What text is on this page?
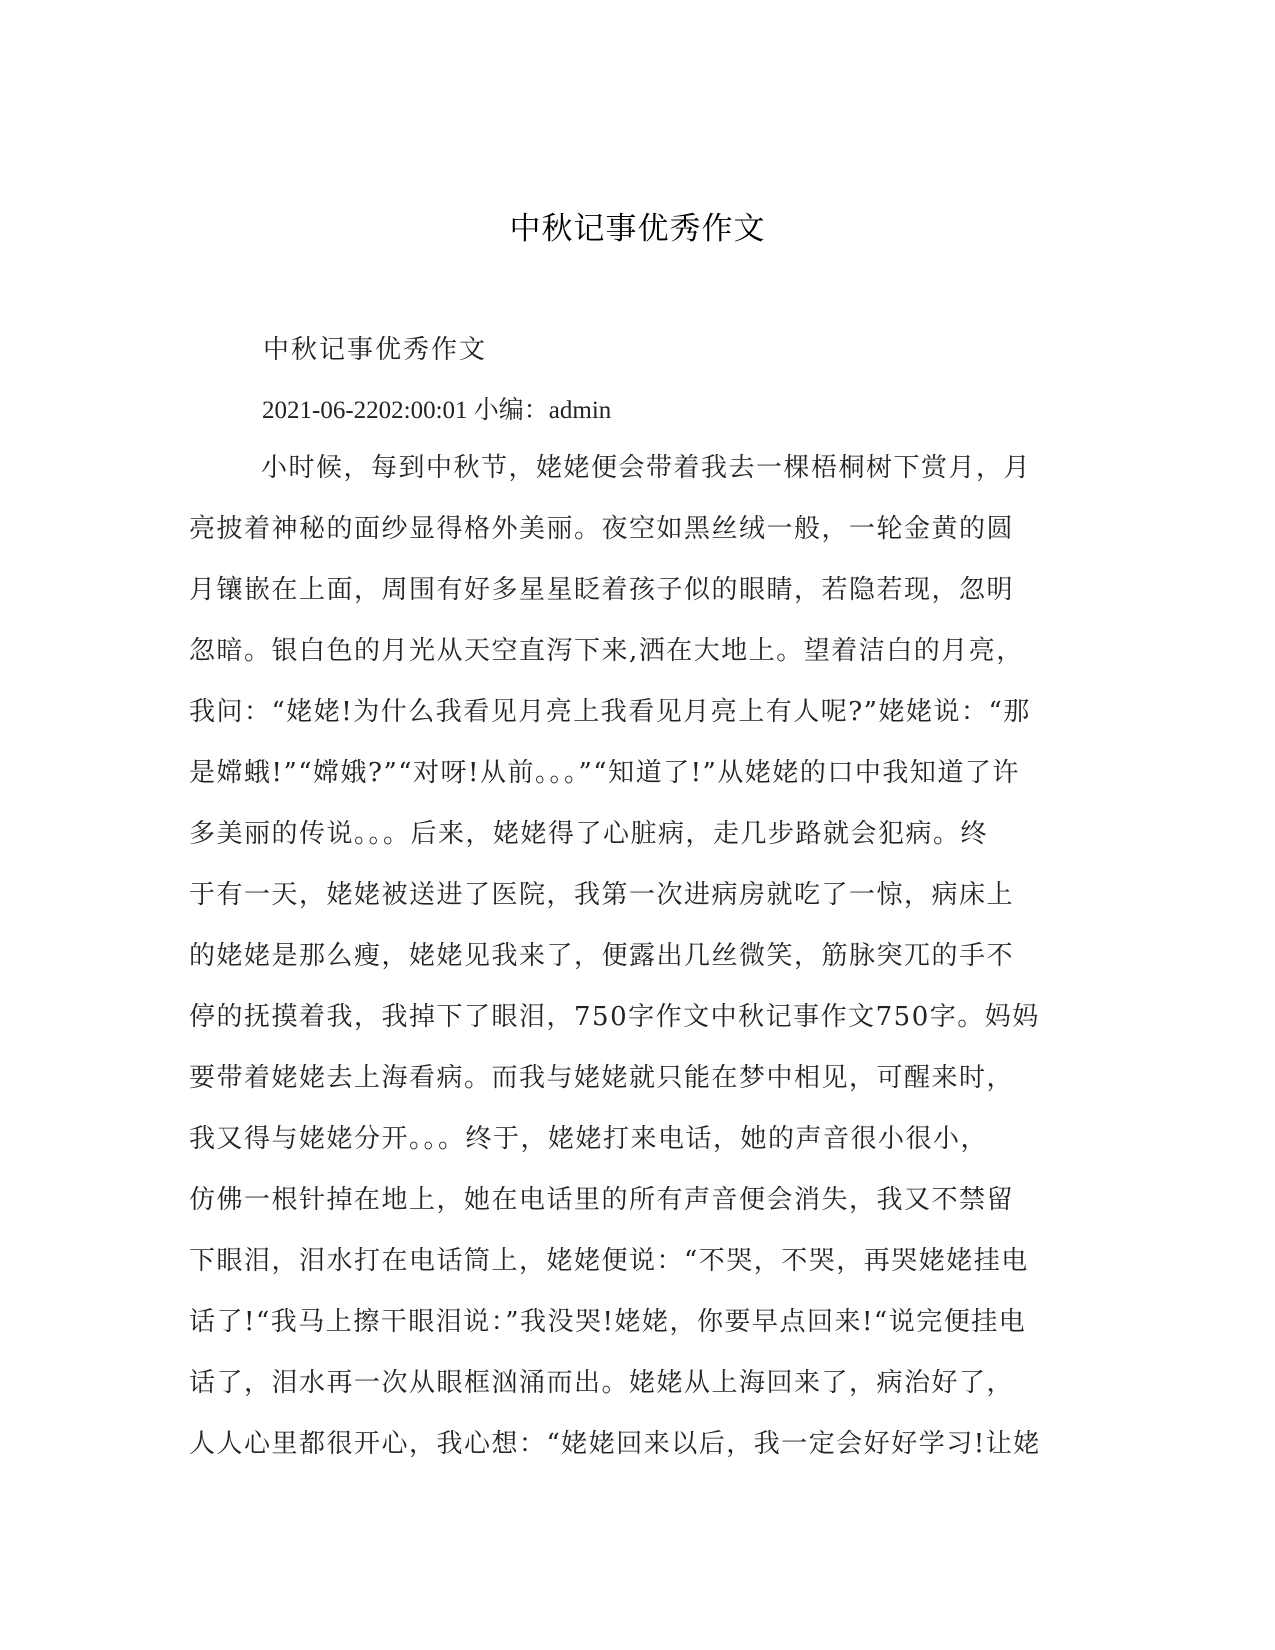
中秋记事优秀作文
中秋记事优秀作文
2021-06-2202:00:01 小编：admin
小时候，每到中秋节，姥姥便会带着我去一棵梧桐树下赏月，月
亮披着神秘的面纱显得格外美丽。夜空如黑丝绒一般，一轮金黄的圆
月镶嵌在上面，周围有好多星星眨着孩子似的眼睛，若隐若现，忽明
忽暗。银白色的月光从天空直泻下来,洒在大地上。望着洁白的月亮，
我问：“姥姥!为什么我看见月亮上我看见月亮上有人呢?”姥姥说：“那
是嫦蛾!”“嫦娥?”“对呀!从前。。。”“知道了!”从姥姥的口中我知道了许
多美丽的传说。。。后来，姥姥得了心脏病，走几步路就会犯病。终
于有一天，姥姥被送进了医院，我第一次进病房就吃了一惊，病床上
的姥姥是那么瘦，姥姥见我来了，便露出几丝微笑，筋脉突兀的手不
停的抚摸着我，我掉下了眼泪，750字作文中秋记事作文750字。妈妈
要带着姥姥去上海看病。而我与姥姥就只能在梦中相见，可醒来时，
我又得与姥姥分开。。。终于，姥姥打来电话，她的声音很小很小，
仿佛一根针掉在地上，她在电话里的所有声音便会消失，我又不禁留
下眼泪，泪水打在电话筒上，姥姥便说：“不哭，不哭，再哭姥姥挂电
话了!“我马上擦干眼泪说：”我没哭!姥姥，你要早点回来!“说完便挂电
话了，泪水再一次从眼框汹涌而出。姥姥从上海回来了，病治好了，
人人心里都很开心，我心想：“姥姥回来以后，我一定会好好学习!让姥
